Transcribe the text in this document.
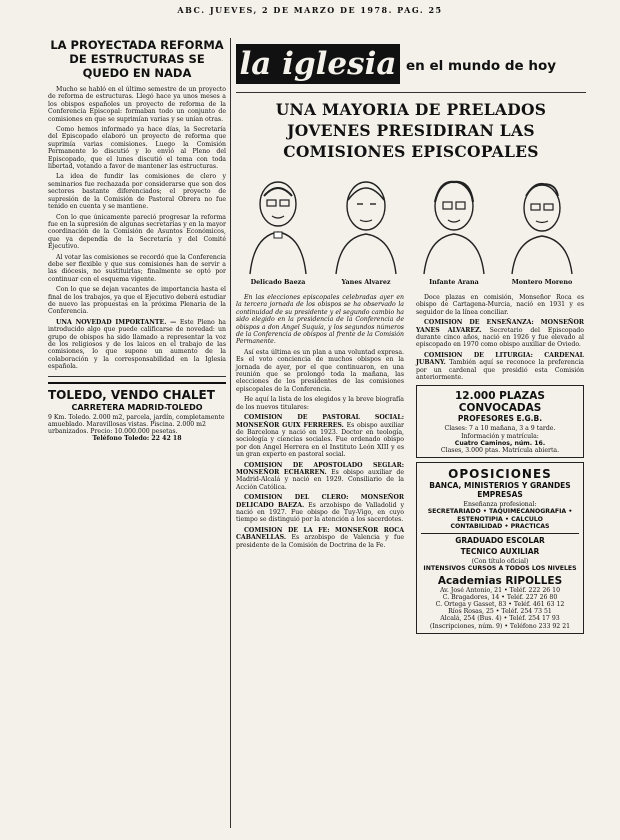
ABC. JUEVES, 2 DE MARZO DE 1978. PAG. 25
LA PROYECTADA REFORMA DE ESTRUCTURAS SE QUEDO EN NADA

Mucho se habló en el último semestre de un proyecto de reforma de estructuras. Llegó hace ya unos meses a los obispos españoles un proyecto de reforma de la Conferencia Episcopal: formaban todo un conjunto de comisiones en que se suprimían varias y se unían otras.

Como hemos informado ya hace días, la Secretaría del Episcopado elaboró un proyecto de reforma que suprimía varias comisiones. Luego la Comisión Permanente lo discutió y lo envió al Pleno del Episcopado, que el lunes discutió el tema con toda libertad, votando a favor de mantener las estructuras.

La idea de fundir las comisiones de clero y seminarios fue rechazada por considerarse que son dos sectores bastante diferenciados; el proyecto de supresión de la Comisión de Pastoral Obrera no fue tenido en cuenta y se mantiene.

Con lo que únicamente pareció progresar la reforma fue en la supresión de algunas secretarías y en la mayor coordinación de la Comisión de Asuntos Económicos, que ya dependía de la Secretaría y del Comité Ejecutivo.

Al votar las comisiones se recordó que la Conferencia debe ser flexible y que sus comisiones han de servir a las diócesis, no sustituirlas; finalmente se optó por continuar con el esquema vigente.

Con lo que se dejan vacantes de importancia hasta el final de los trabajos, ya que el Ejecutivo deberá estudiar de nuevo las propuestas en la próxima Plenaria de la Conferencia.

UNA NOVEDAD IMPORTANTE. — Este Pleno ha introducido algo que puede calificarse de novedad: un grupo de obispos ha sido llamado a representar la voz de los religiosos y de los laicos en el trabajo de las comisiones, lo que supone un aumento de la colaboración y la corresponsabilidad en la Iglesia española.

TOLEDO, VENDO CHALET

CARRETERA MADRID-TOLEDO

9 Km. Toledo. 2.000 m2, parcela, jardín, completamente amueblado. Maravillosas vistas. Piscina. 2.000 m2 urbanizados. Precio: 10.000.000 pesetas.

Teléfono Toledo: 22 42 18

la iglesia en el mundo de hoy
UNA MAYORIA DE PRELADOS JOVENES PRESIDIRAN LAS COMISIONES EPISCOPALES
Delicado Baeza	Yanes Alvarez	Infante Arana	Montero Moreno

En las elecciones episcopales celebradas ayer en la tercera jornada de los obispos se ha observado la continuidad de su presidente y el segundo cambio ha sido elegido en la presidencia de la Conferencia de obispos a don Angel Suquía, y los segundos números de la Conferencia de obispos al frente de la Comisión Permanente.

Así esta última es un plan a una voluntad expresa. Es el voto conciencia de muchos obispos en la jornada de ayer, por el que continuaron, en una reunión que se prolongó toda la mañana, las elecciones de los presidentes de las comisiones episcopales de la Conferencia.

He aquí la lista de los elegidos y la breve biografía de los nuevos titulares:

COMISION DE PASTORAL SOCIAL: MONSEÑOR GUIX FERRERES. Es obispo auxiliar de Barcelona y nació en 1923. Doctor en teología, sociología y ciencias sociales. Fue ordenado obispo por don Angel Herrera en el Instituto León XIII y es un gran experto en pastoral social.

COMISION DE APOSTOLADO SEGLAR: MONSEÑOR ECHARREN. Es obispo auxiliar de Madrid-Alcalá y nació en 1929. Consiliario de la Acción Católica.

COMISION DEL CLERO: MONSEÑOR DELICADO BAEZA. Es arzobispo de Valladolid y nació en 1927. Fue obispo de Tuy-Vigo, en cuyo tiempo se distinguió por la atención a los sacerdotes.

COMISION DE LA FE: MONSEÑOR ROCA CABANELLAS. Es arzobispo de Valencia y fue presidente de la Comisión de Doctrina de la Fe.

Doce plazas en comisión, Monseñor Roca es obispo de Cartagena-Murcia, nació en 1931 y es seguidor de la línea conciliar.

COMISION DE ENSEÑANZA: MONSEÑOR YANES ALVAREZ. Secretario del Episcopado durante cinco años, nació en 1926 y fue elevado al episcopado en 1970 como obispo auxiliar de Oviedo.

COMISION DE LITURGIA: CARDENAL JUBANY. También aquí se reconoce la preferencia por un cardenal que presidió esta Comisión anteriormente.

12.000 PLAZAS CONVOCADAS

PROFESORES E.G.B.

Clases: 7 a 10 mañana, 3 a 9 tarde.

Información y matrícula:

Cuatro Caminos, núm. 16.

Clases, 3.000 ptas. Matrícula abierta.

OPOSICIONES

BANCA, MINISTERIOS Y GRANDES EMPRESAS

Enseñanza profesional:

SECRETARIADO • TAQUIMECANOGRAFIA • ESTENOTIPIA • CALCULO

CONTABILIDAD • PRACTICAS

GRADUADO ESCOLAR

TECNICO AUXILIAR

(Con título oficial)

INTENSIVOS CURSOS A TODOS LOS NIVELES

Academias RIPOLLES

Av. José Antonio, 21 • Teléf. 222 26 10

C. Bragadores, 14 • Teléf. 227 26 80

C. Ortega y Gasset, 83 • Teléf. 461 63 12

Ríos Rosas, 25 • Teléf. 254 73 51

Alcalá, 254 (Bus. 4) • Teléf. 254 17 93

(Inscripciones, núm. 9) • Teléfono 233 92 21
